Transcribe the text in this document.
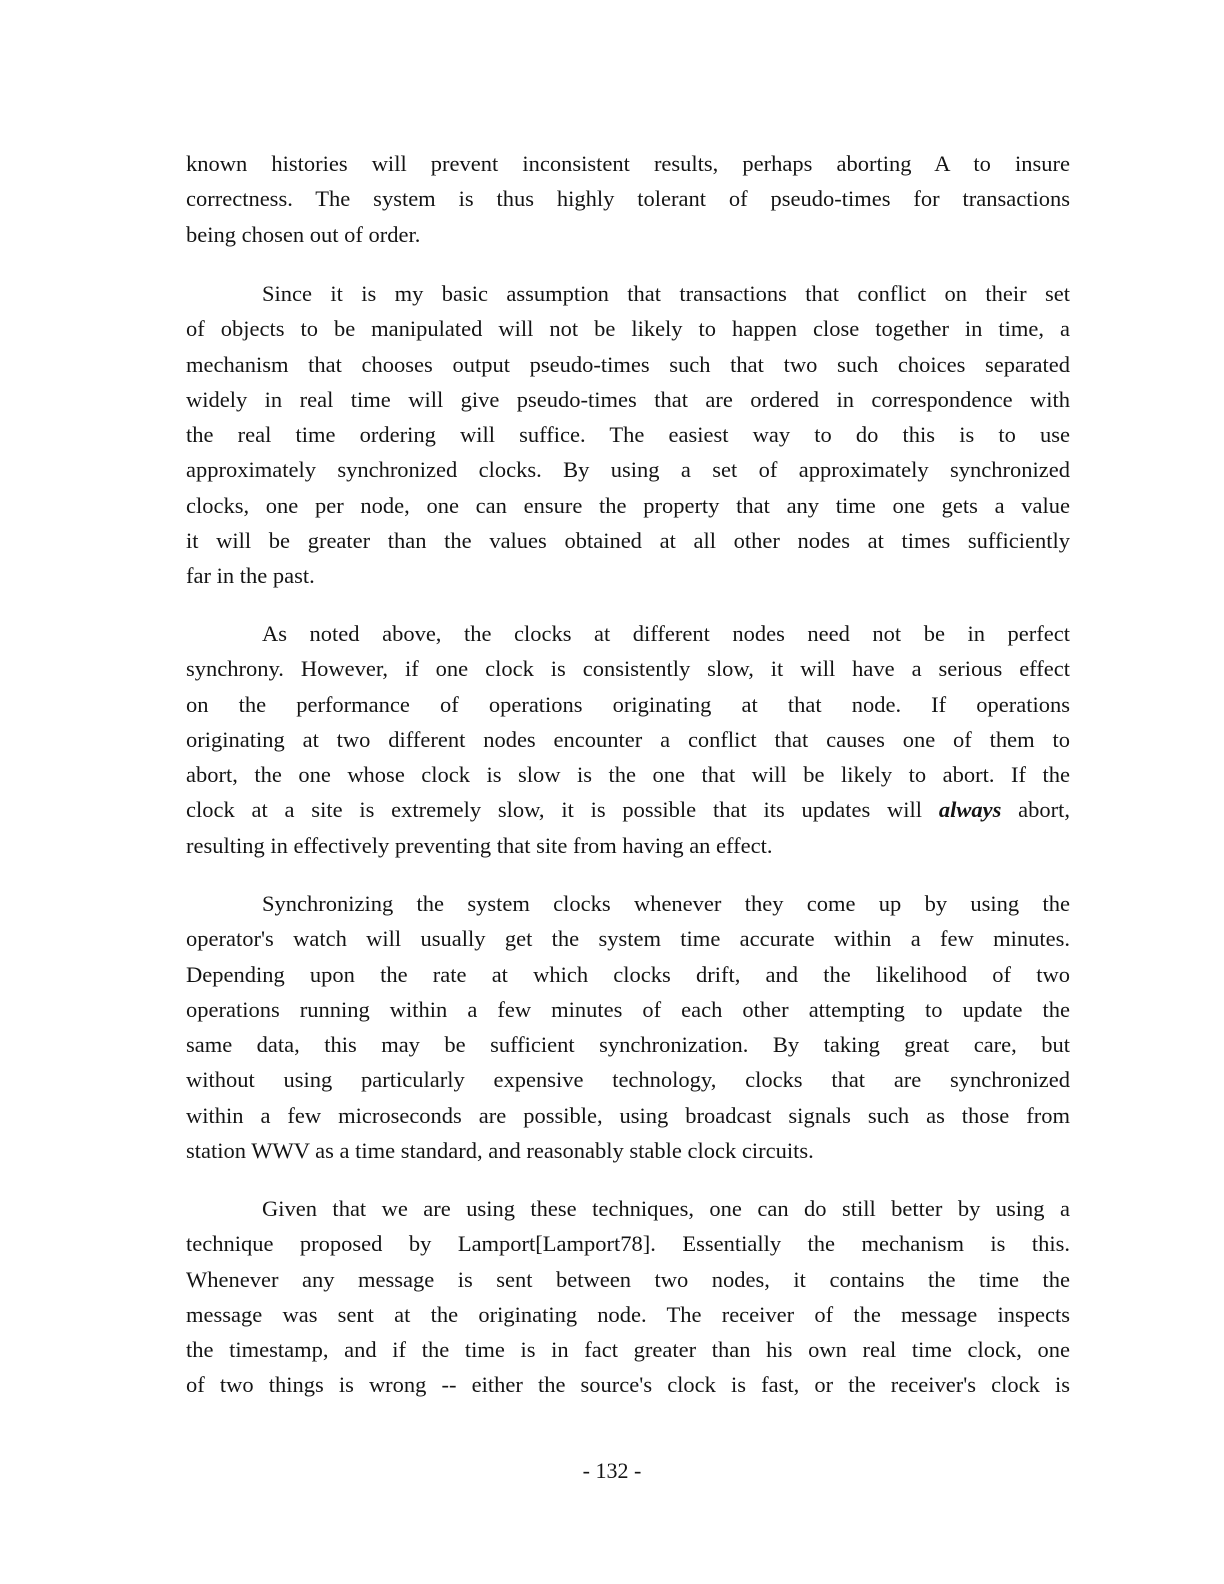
known histories will prevent inconsistent results, perhaps aborting A to insure
correctness. The system is thus highly tolerant of pseudo-times for transactions
being chosen out of order.
Since it is my basic assumption that transactions that conflict on their set
of objects to be manipulated will not be likely to happen close together in time, a
mechanism that chooses output pseudo-times such that two such choices separated
widely in real time will give pseudo-times that are ordered in correspondence with
the real time ordering will suffice. The easiest way to do this is to use
approximately synchronized clocks. By using a set of approximately synchronized
clocks, one per node, one can ensure the property that any time one gets a value
it will be greater than the values obtained at all other nodes at times sufficiently
far in the past.
As noted above, the clocks at different nodes need not be in perfect
synchrony. However, if one clock is consistently slow, it will have a serious effect
on the performance of operations originating at that node. If operations
originating at two different nodes encounter a conflict that causes one of them to
abort, the one whose clock is slow is the one that will be likely to abort. If the
clock at a site is extremely slow, it is possible that its updates will always abort,
resulting in effectively preventing that site from having an effect.
Synchronizing the system clocks whenever they come up by using the
operator's watch will usually get the system time accurate within a few minutes.
Depending upon the rate at which clocks drift, and the likelihood of two
operations running within a few minutes of each other attempting to update the
same data, this may be sufficient synchronization. By taking great care, but
without using particularly expensive technology, clocks that are synchronized
within a few microseconds are possible, using broadcast signals such as those from
station WWV as a time standard, and reasonably stable clock circuits.
Given that we are using these techniques, one can do still better by using a
technique proposed by Lamport[Lamport78]. Essentially the mechanism is this.
Whenever any message is sent between two nodes, it contains the time the
message was sent at the originating node. The receiver of the message inspects
the timestamp, and if the time is in fact greater than his own real time clock, one
of two things is wrong -- either the source's clock is fast, or the receiver's clock is
- 132 -
